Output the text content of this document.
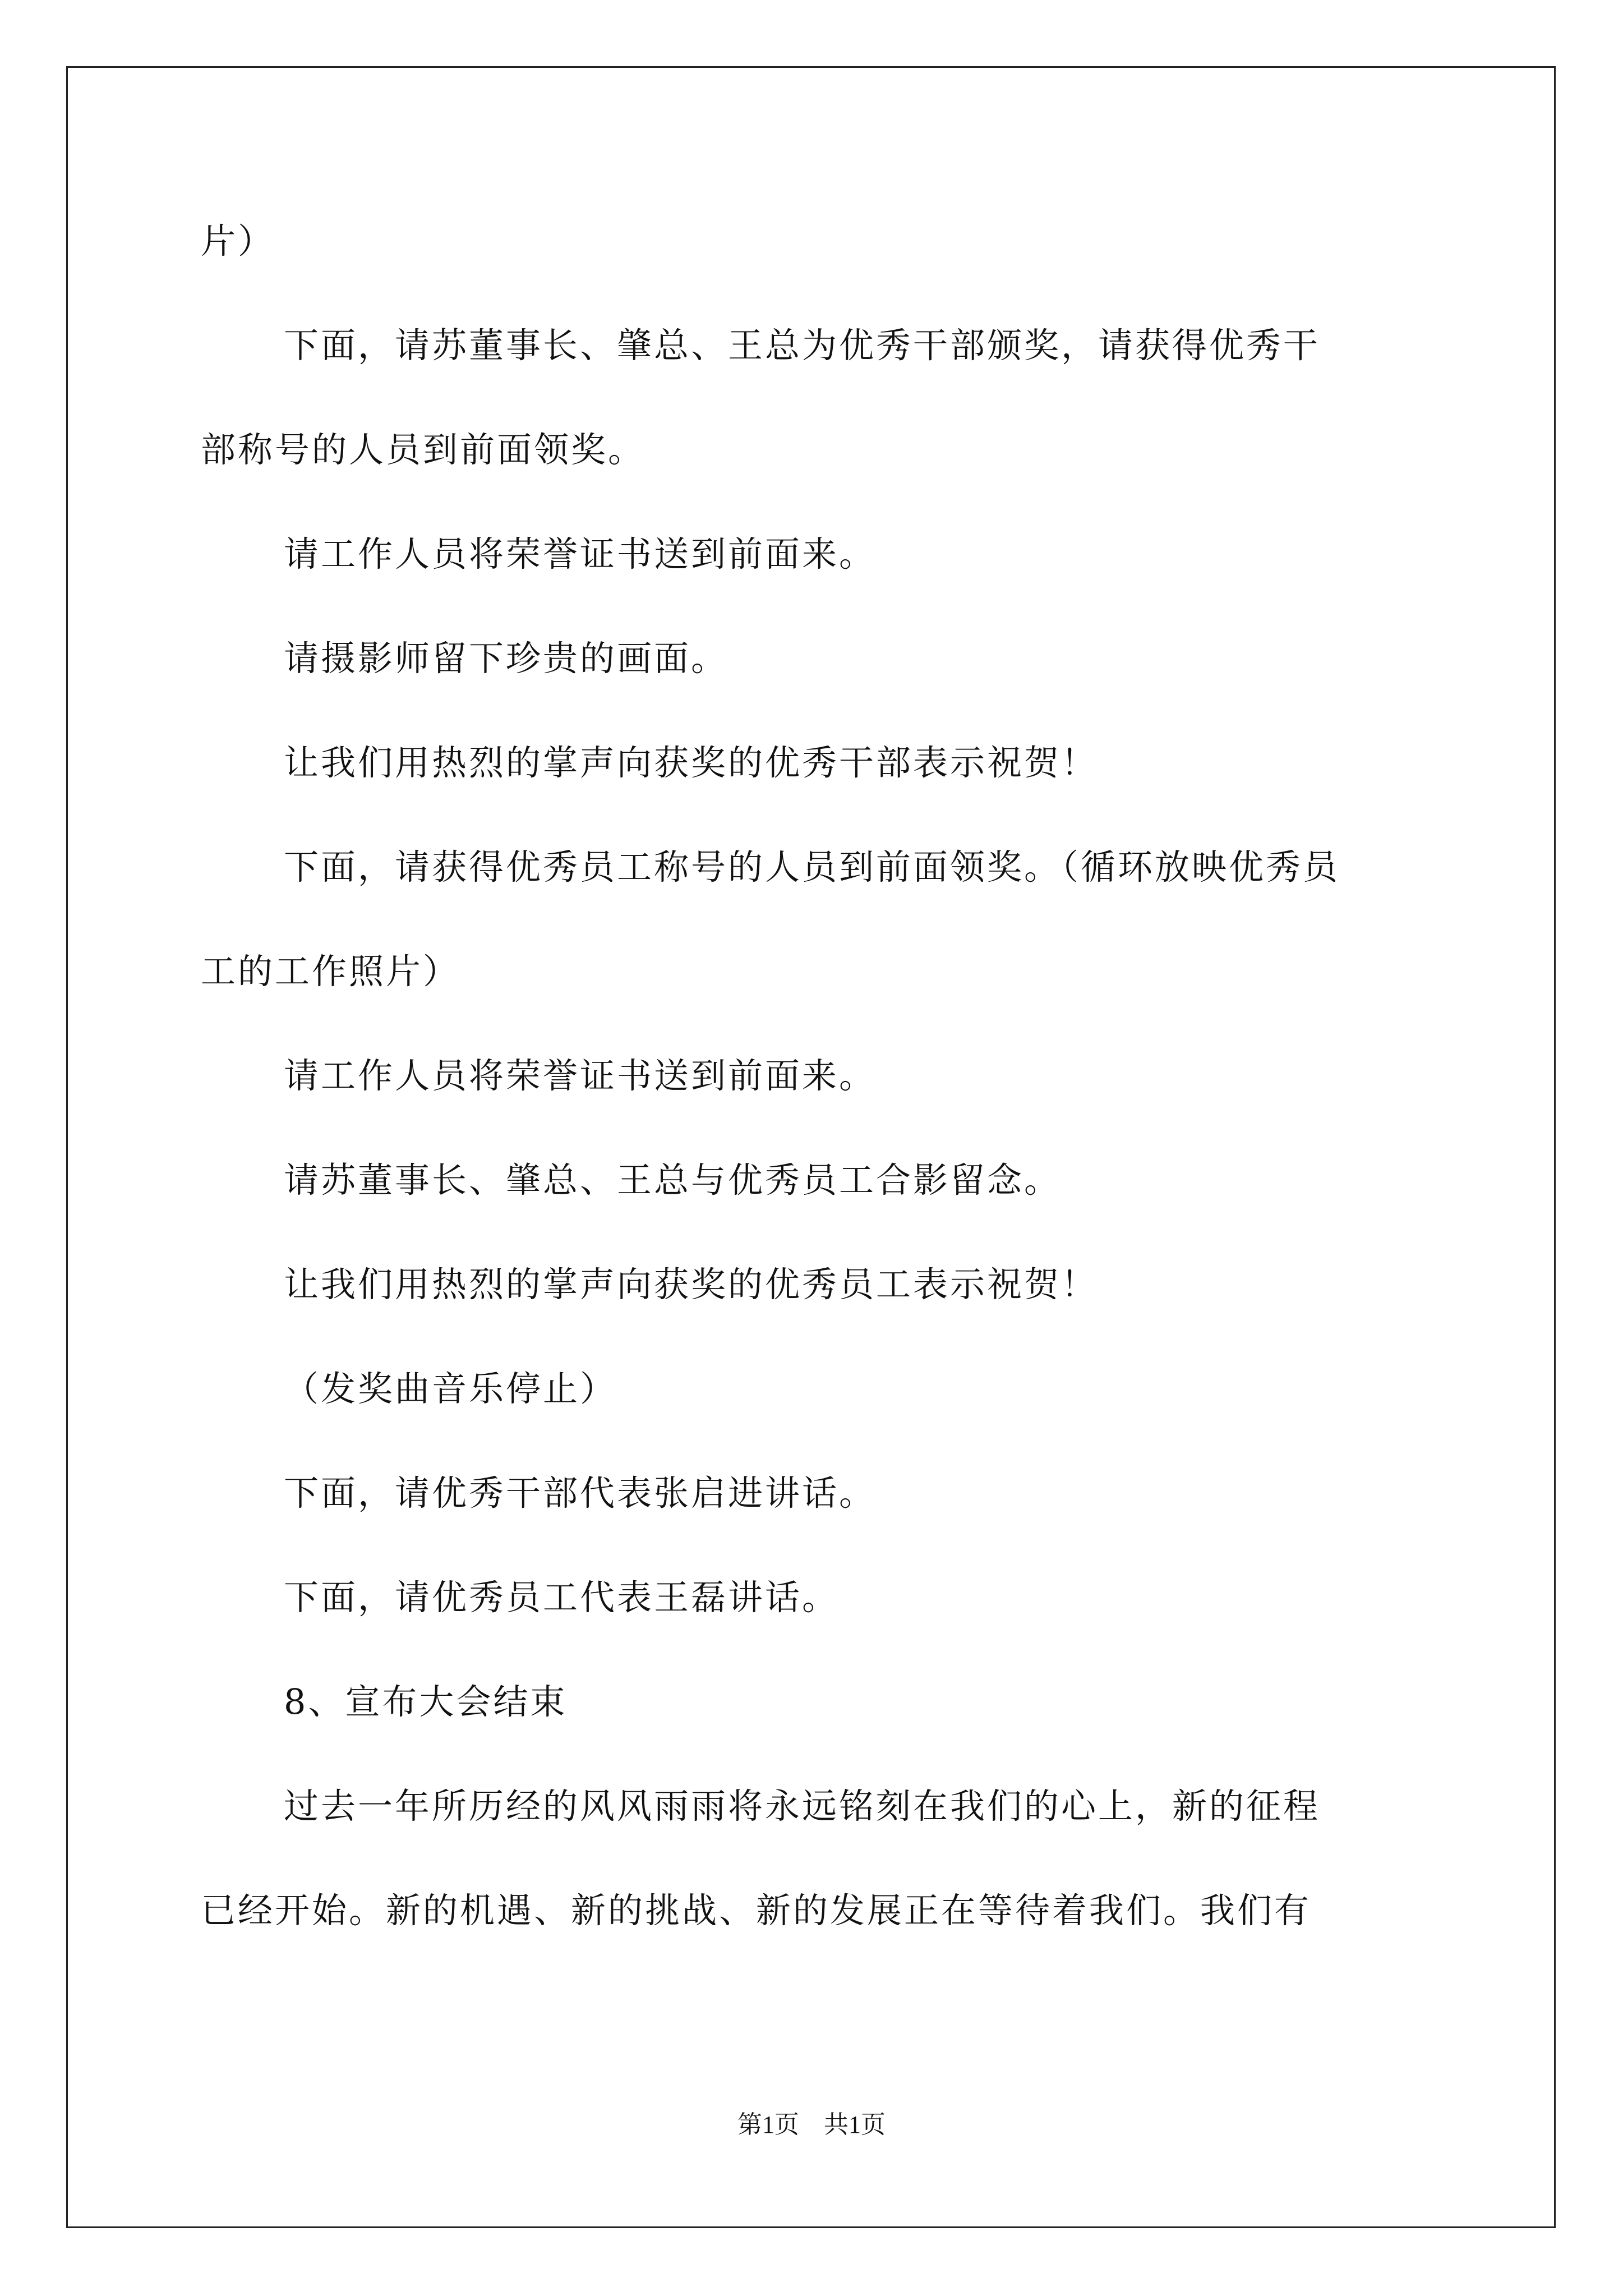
片）
下面，请苏董事长、肇总、王总为优秀干部颁奖，请获得优秀干
部称号的人员到前面领奖。
请工作人员将荣誉证书送到前面来。
请摄影师留下珍贵的画面。
让我们用热烈的掌声向获奖的优秀干部表示祝贺！
下面，请获得优秀员工称号的人员到前面领奖。（循环放映优秀员
工的工作照片）
请工作人员将荣誉证书送到前面来。
请苏董事长、肇总、王总与优秀员工合影留念。
让我们用热烈的掌声向获奖的优秀员工表示祝贺！
（发奖曲音乐停止）
下面，请优秀干部代表张启进讲话。
下面，请优秀员工代表王磊讲话。
8、宣布大会结束
过去一年所历经的风风雨雨将永远铭刻在我们的心上，新的征程
已经开始。新的机遇、新的挑战、新的发展正在等待着我们。我们有
第1页　共1页
